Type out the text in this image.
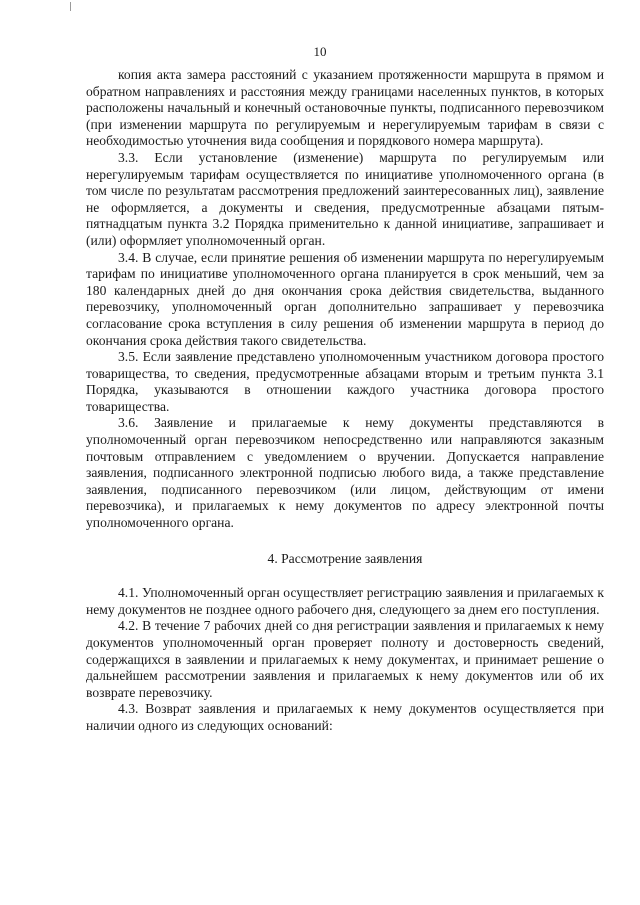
10

копия акта замера расстояний с указанием протяженности маршрута в прямом и обратном направлениях и расстояния между границами населенных пунктов, в которых расположены начальный и конечный остановочные пункты, подписанного перевозчиком (при изменении маршрута по регулируемым и нерегулируемым тарифам в связи с необходимостью уточнения вида сообщения и порядкового номера маршрута).

3.3. Если установление (изменение) маршрута по регулируемым или нерегулируемым тарифам осуществляется по инициативе уполномоченного органа (в том числе по результатам рассмотрения предложений заинтересованных лиц), заявление не оформляется, а документы и сведения, предусмотренные абзацами пятым-пятнадцатым пункта 3.2 Порядка применительно к данной инициативе, запрашивает и (или) оформляет уполномоченный орган.

3.4. В случае, если принятие решения об изменении маршрута по нерегулируемым тарифам по инициативе уполномоченного органа планируется в срок меньший, чем за 180 календарных дней до дня окончания срока действия свидетельства, выданного перевозчику, уполномоченный орган дополнительно запрашивает у перевозчика согласование срока вступления в силу решения об изменении маршрута в период до окончания срока действия такого свидетельства.

3.5. Если заявление представлено уполномоченным участником договора простого товарищества, то сведения, предусмотренные абзацами вторым и третьим пункта 3.1 Порядка, указываются в отношении каждого участника договора простого товарищества.

3.6. Заявление и прилагаемые к нему документы представляются в уполномоченный орган перевозчиком непосредственно или направляются заказным почтовым отправлением с уведомлением о вручении. Допускается направление заявления, подписанного электронной подписью любого вида, а также представление заявления, подписанного перевозчиком (или лицом, действующим от имени перевозчика), и прилагаемых к нему документов по адресу электронной почты уполномоченного органа.

4. Рассмотрение заявления

4.1. Уполномоченный орган осуществляет регистрацию заявления и прилагаемых к нему документов не позднее одного рабочего дня, следующего за днем его поступления.

4.2. В течение 7 рабочих дней со дня регистрации заявления и прилагаемых к нему документов уполномоченный орган проверяет полноту и достоверность сведений, содержащихся в заявлении и прилагаемых к нему документах, и принимает решение о дальнейшем рассмотрении заявления и прилагаемых к нему документов или об их возврате перевозчику.

4.3. Возврат заявления и прилагаемых к нему документов осуществляется при наличии одного из следующих оснований:
